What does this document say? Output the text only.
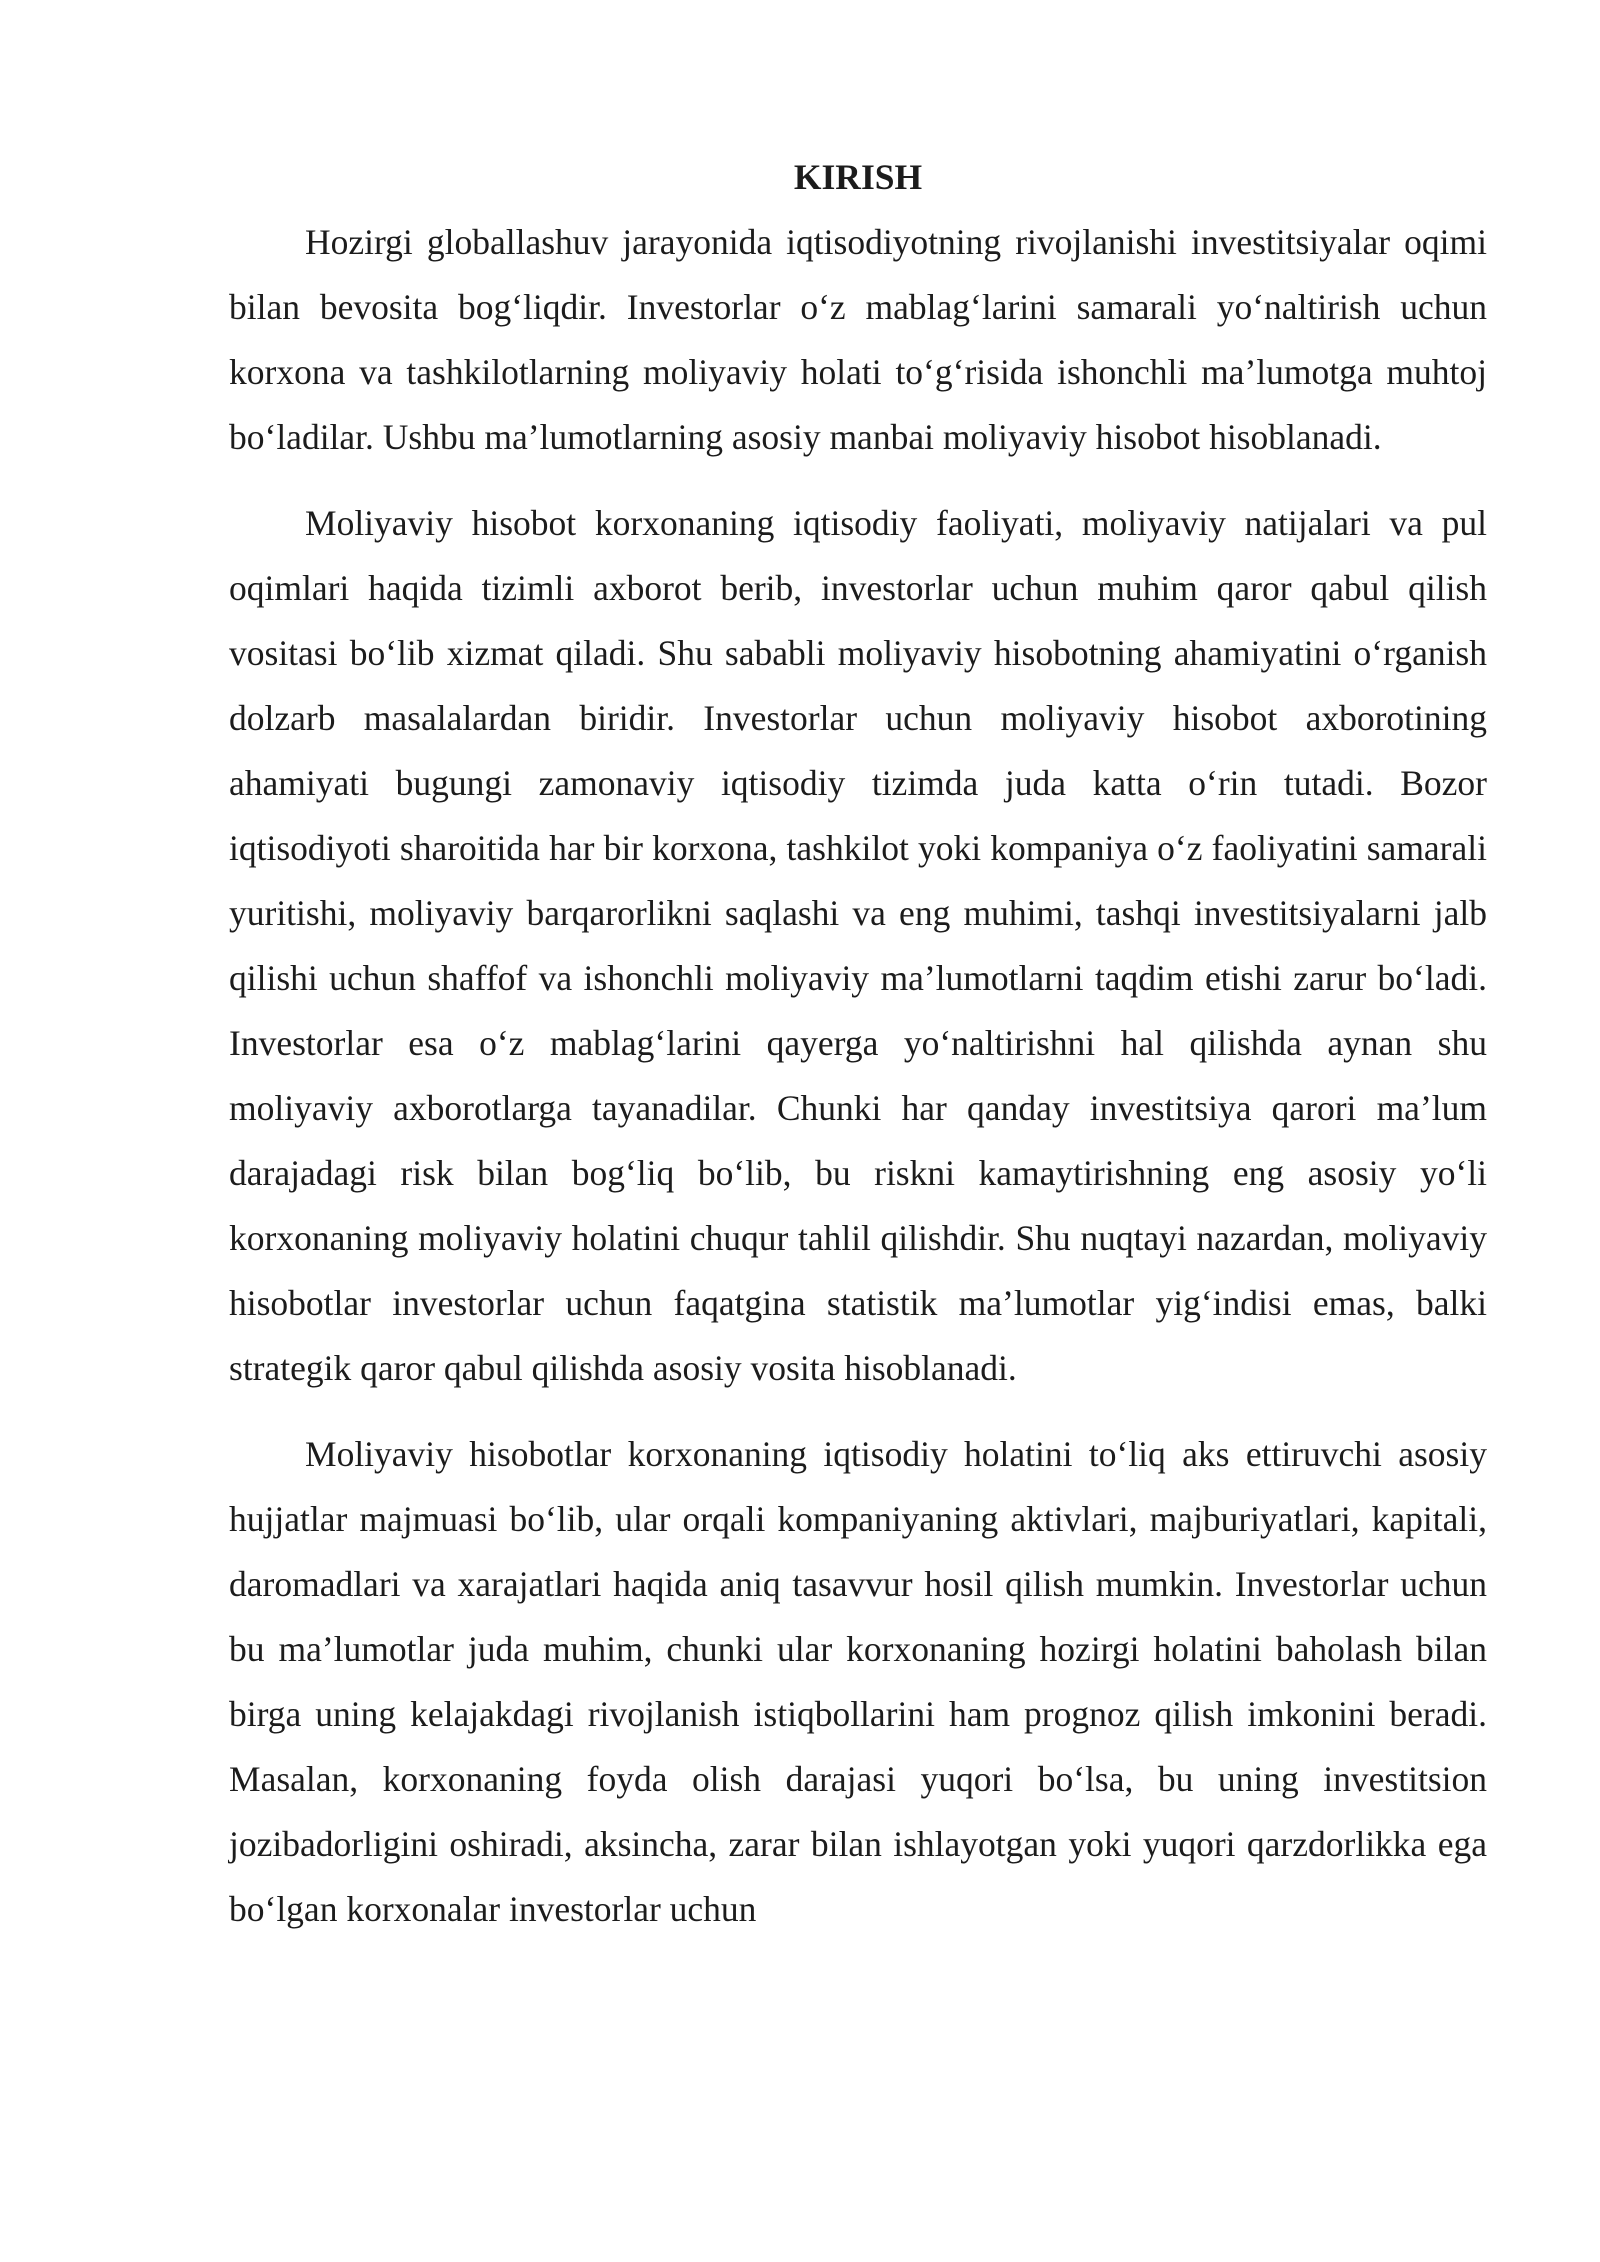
KIRISH

Hozirgi globallashuv jarayonida iqtisodiyotning rivojlanishi investitsiyalar oqimi bilan bevosita bog‘liqdir. Investorlar o‘z mablag‘larini samarali yo‘naltirish uchun korxona va tashkilotlarning moliyaviy holati to‘g‘risida ishonchli ma’lumotga muhtoj bo‘ladilar. Ushbu ma’lumotlarning asosiy manbai moliyaviy hisobot hisoblanadi.

Moliyaviy hisobot korxonaning iqtisodiy faoliyati, moliyaviy natijalari va pul oqimlari haqida tizimli axborot berib, investorlar uchun muhim qaror qabul qilish vositasi bo‘lib xizmat qiladi. Shu sababli moliyaviy hisobotning ahamiyatini o‘rganish dolzarb masalalardan biridir. Investorlar uchun moliyaviy hisobot axborotining ahamiyati bugungi zamonaviy iqtisodiy tizimda juda katta o‘rin tutadi. Bozor iqtisodiyoti sharoitida har bir korxona, tashkilot yoki kompaniya o‘z faoliyatini samarali yuritishi, moliyaviy barqarorlikni saqlashi va eng muhimi, tashqi investitsiyalarni jalb qilishi uchun shaffof va ishonchli moliyaviy ma’lumotlarni taqdim etishi zarur bo‘ladi. Investorlar esa o‘z mablag‘larini qayerga yo‘naltirishni hal qilishda aynan shu moliyaviy axborotlarga tayanadilar. Chunki har qanday investitsiya qarori ma’lum darajadagi risk bilan bog‘liq bo‘lib, bu riskni kamaytirishning eng asosiy yo‘li korxonaning moliyaviy holatini chuqur tahlil qilishdir. Shu nuqtayi nazardan, moliyaviy hisobotlar investorlar uchun faqatgina statistik ma’lumotlar yig‘indisi emas, balki strategik qaror qabul qilishda asosiy vosita hisoblanadi.

Moliyaviy hisobotlar korxonaning iqtisodiy holatini to‘liq aks ettiruvchi asosiy hujjatlar majmuasi bo‘lib, ular orqali kompaniyaning aktivlari, majburiyatlari, kapitali, daromadlari va xarajatlari haqida aniq tasavvur hosil qilish mumkin. Investorlar uchun bu ma’lumotlar juda muhim, chunki ular korxonaning hozirgi holatini baholash bilan birga uning kelajakdagi rivojlanish istiqbollarini ham prognoz qilish imkonini beradi. Masalan, korxonaning foyda olish darajasi yuqori bo‘lsa, bu uning investitsion jozibadorligini oshiradi, aksincha, zarar bilan ishlayotgan yoki yuqori qarzdorlikka ega bo‘lgan korxonalar investorlar uchun
